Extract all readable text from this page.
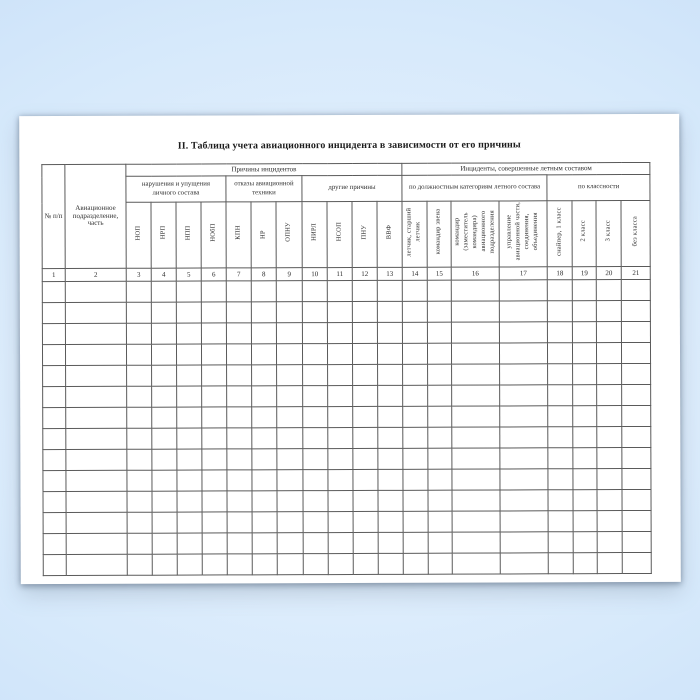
II. Таблица учета авиационного инцидента в зависимости от его причины
№ п/п	Авиационное подразделение, часть	Причины инцидентов											Инциденты, совершенные летным составом							
		нарушения и упущения личного состава				отказы авиационной техники			другие причины				по должностным категориям летного состава				по классности			
		НОП	НРП	НПП	НОбП	КПН	НР	ОПНУ	НИРЛ	НСОП	ПНУ	ВВФ	летчик, старший летчик	командир звена	командир (заместитель командира) авиационного подразделения	управление авиационной части, соединения, объединения	снайпер, 1 класс	2 класс	3 класс	без класса
1	2	3	4	5	6	7	8	9	10	11	12	13	14	15	16	17	18	19	20	21
